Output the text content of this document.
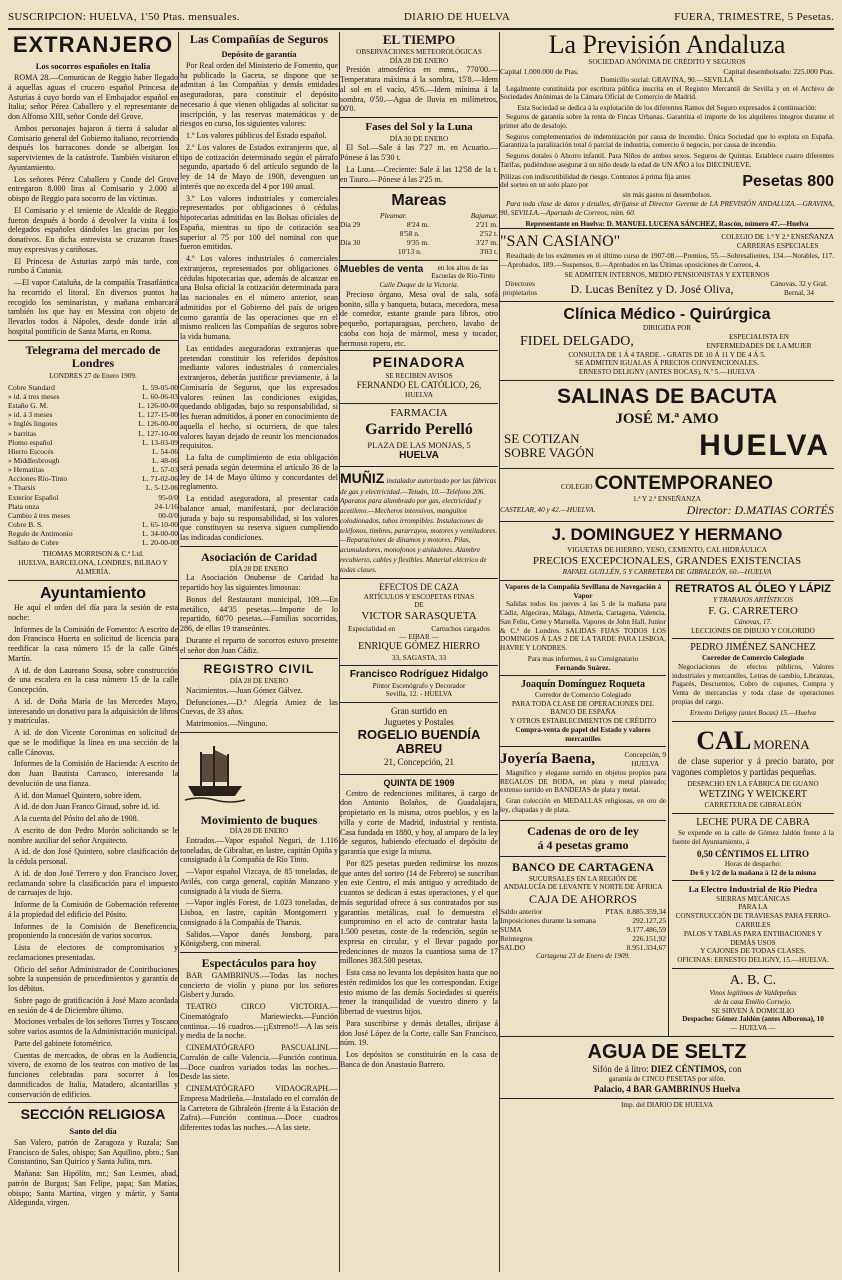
SUSCRIPCION: HUELVA, 1'50 Ptas. mensuales.	DIARIO DE HUELVA	FUERA, TRIMESTRE, 5 Pesetas.
EXTRANJERO
Los socorros españoles en Italia

ROMA 28.—Comunican de Reggio haber llegado á aquellas aguas el crucero español Princesa de Asturias á cuyo bordo van el Embajador español en Italia; señor Pérez Caballero y el representante de don Alfonso XIII, señor Conde del Grove.

Ambos personajes bajaron á tierra á saludar al Comisario general del Gobierno italiano, recorriendo después los barracones donde se albergan los supervivientes de la catástrofe. También visitaron el Ayuntamiento.

Los señores Pérez Caballero y Conde del Grove entregaron 8.000 liras al Comisario y 2.000 al obispo de Reggio para socorro de las víctimas.

El Comisario y el teniente de Alcalde de Reggio fueron después á bordo á devolver la visita á los delegados españoles dándoles las gracias por los donativos. En dicha entrevista se cruzaron frases muy expresivas y cariñosas.

El Princesa de Asturias zarpó más tarde, con rumbo á Catania.

—El vapor Cataluña, de la compañía Trasatlántica ha recorrido el litoral. En diversos puntos ha recogido los seminaristas, y mañana embarcará también los que hay en Messina con objeto de llevarlos todos á Nápoles, desde donde irán al hospital pontificio de Santa Marta, en Roma.

Telegrama del mercado de Londres
LONDRES 27 de Enero 1909.
Cobre Standard	L. 59-05-00
» id. á tres meses	L. 60-06-03
Estaño G. M.	L. 126-00-00
» id. á 3 meses	L. 127-15-00
» Inglés lingotes	L. 126-00-00
» barritas	L. 127-10-00
Plomo español	L. 13-03-09
Hierro Escocés	L. 54-06
» Middlesbrough	L. 48-06
» Hematitas	L. 57-03
Acciones Río-Tinto	L. 71-02-06
» Tharsis	L. 5-12-06
Exterior Español	95-0/0
Plata onza	24-1/16
Cambio á tres meses	00-0/0
Cobre B. S.	L. 65-10-00
Regulo de Antimonio	L. 34-00-00
Sulfato de Cobre	L. 20-00-00
THOMAS MORRISON & C.ª Ltd.
HUELVA, BARCELONA, LONDRES, BILBAO Y ALMERÍA.
Ayuntamiento

He aquí el orden del día para la sesión de esta noche:

Informes de la Comisión de Fomento: A escrito de don Francisco Huerta en solicitud de licencia para reedificar la casa número 15 de la calle Ginés Martín.

A id. de don Laureano Sousa, sobre construcción de una escalera en la casa número 15 de la calle Concepción.

A id. de Doña María de las Mercedes Mayo, interesando un donativo para la adquisición de libros y matrículas.

A id. de don Vicente Coronimas en solicitud de que se le modifique la línea en una sección de la calle Cánovas.

Informes de la Comisión de Hacienda: A escrito de don Juan Bautista Carrasco, interesando la devolución de una fianza.

A id. don Manuel Quintero, sobre idem.

A id. de don Juan Franco Giraud, sobre id. id.

A la cuenta del Pósito del año de 1908.

A escrito de don Pedro Morón solicitando se le nombre auxiliar del señor Arquitecto.

A id. de don José Quintero, sobre clasificación de la cédula personal.

A id. de don José Terrero y don Francisco Jover, reclamando sobre la clasificación para el impuesto de carruajes de lujo.

Informe de la Comisión de Gobernación referente á la propiedad del edificio del Pósito.

Informes de la Comisión de Beneficencia, proponiendo la concesión de varios socorros.

Lista de electores de compromisarios y reclamaciones presentadas.

Oficio del señor Administrador de Contribuciones sobre la suspensión de procedimientos y garantía de los débitos.

Sobre pago de gratificación á José Mazo acordada en sesión de 4 de Diciembre último.

Mociones verbales de los señores Torres y Toscano sobre varios asuntos de la Administración municipal.

Parte del gabinete fotométrico.

Cuentas de mercados, de obras en la Audiencia, vivero, de exorno de los teatros con motivo de las funciones celebradas para socorrer á los damnificados de Italia, Matadero, alcantarillas y conservación de edificios.

SECCIÓN RELIGIOSA
Santo del día

San Valero, patrón de Zaragoza y Ruzala; San Francisco de Sales, obispo; San Aquilino, pbro.; San Constantino, San Quirico y Santa Julita, mrs.

Mañana: San Hipólito, mr.; San Lesmes, abad, patrón de Burgos; San Felipe, papa; San Matías, obispo; Santa Martina, virgen y mártir, y Santa Aldegunda, virgen.

Las Compañías de Seguros
Depósito de garantía

Por Real orden del Ministerio de Fomento, que ha publicado la Gaceta, se dispone que se admitan á las Compañías y demás entidades aseguradoras, para constituir el depósito necesario á que vienen obligadas al solicitar su inscripción, y las reservas matemáticas y de riesgos en curso, los siguientes valores:

1.º Los valores públicos del Estado español.

2.º Los valores de Estados extranjeros que, al tipo de cotización determinado según el párrafo segundo, apartado 6 del artículo segundo de la ley de 14 de Mayo de 1908, devenguen un interés que no exceda del 4 por 100 anual.

3.º Los valores industriales y comerciales representados por obligaciones ó cédulas hipotecarias admitidas en las Bolsas oficiales de España, mientras su tipo de cotización sea superior al 75 por 100 del nominal con que fueron emitidos.

4.º Los valores industriales ó comerciales extranjeros, representados por obligaciones ó cédulas hipotecarias que, además de alcanzar en una Bolsa oficial la cotización determinada para las nacionales en el número anterior, sean admitidos por el Gobierno del país de origen como garantía de las operaciones que en el mismo realicen las Compañías de seguros sobre la vida humana.

Las entidades aseguradoras extranjeras que pretendan constituir los referidos depósitos mediante valores industriales ó comerciales extranjeros, deberán justificar previamente, á la Comisaría de Seguros, que los expresados valores reúnen las condiciones exigidas, quedando obligadas, bajo su responsabilidad, si les fueran admitidos, á poner en conocimiento de aquella el hecho, si ocurriera, de que tales valores hayan dejado de reunir los mencionados requisitos.

La falta de cumplimiento de esta obligación será penada según determina el artículo 36 de la ley de 14 de Mayo último y concordantes del reglamento.

La entidad aseguradora, al presentar cada balance anual, manifestará, por declaración jurada y bajo su responsabilidad, si los valores que constituyen su reserva siguen cumpliendo las indicadas condiciones.

Asociación de Caridad
DÍA 28 DE ENERO

La Asociación Onubense de Caridad ha repartido hoy las siguientes limosnas:

Bonos del Restaurant municipal, 109.—En metálico, 44'35 pesetas.—Importe de lo repartido, 60'70 pesetas.—Familias socorridas, 286, de ellas 19 transeúntes.

Durante el reparto de socorros estuvo presente el señor don Juan Cádiz.

REGISTRO CIVIL
DÍA 28 DE ENERO

Nacimientos.—Juan Gómez Gálvez.

Defunciones.—D.ª Alegría Amiez de las Cuevas, de 33 años.

Matrimonios.—Ninguno.

Movimiento de buques
DÍA 28 DE ENERO

Entrados.—Vapor español Neguri, de 1.116 toneladas, de Gibraltar, en lastre, capitán Opiña y consignado á la Compañía de Río Tinto.

—Vapor español Vizcaya, de 85 toneladas, de Avilés, con carga general, capitán Manzano y consignado á la viuda de Sierra.

—Vapor inglés Forest, de 1.023 toneladas, de Lisboa, en lastre, capitán Montgomerri y consignado á la Compañía de Tharsis.

Salidos.—Vapor danés Jonsborg, para Königsberg, con mineral.

Espectáculos para hoy

BAR GAMBRINUS.—Todas las noches concierto de violín y piano por los señores Gisbert y Jurado.

TEATRO CIRCO VICTORIA.—Cinematógrafo Mariewiecks.—Función continua.—16 cuadros.—¡¡Estreno!!—A las seis y media de la noche.

CINEMATÓGRAFO PASCUALINI.—Corralón de calle Valencia.—Función continua.—Doce cuadros variados todas las noches.—Desde las siete.

CINEMATÓGRAFO VIDAOGRAPH.—Empresa Madrileña.—Instalado en el corralón de la Carretera de Gibraleón (frente á la Estación de Zafra).—Función continua.—Doce cuadros diferentes todas las noches.—A las siete.

EL TIEMPO
OBSERVACIONES METEOROLÓGICAS
DÍA 28 DE ENERO

Presión atmosférica en mms., 770'00.—Temperatura máxima á la sombra, 15'8.—Idem al sol en el vacío, 45'6.—Idem mínima á la sombra, 0'50.—Agua de lluvia en milímetros, 00'0.

Fases del Sol y la Luna
DÍA 30 DE ENERO

El Sol.—Sale á las 7'27 m. en Acuario.—Pónese á las 5'30 t.

La Luna.—Creciente: Sale á las 12'58 de la t. en Tauro.—Pónese á las 2'25 m.

Mareas
Pleamar.	Bajamar.
Día 29	8'24 m.	2'21 m.
8'58 n.	2'52 t.
Día 30	9'35 m.	3'27 m.
10'13 n.	3'03 t.
Muebles de venta	en los altos de las Escuelas de Río-Tinto
Calle Duque de la Victoria.

Precioso órgano, Mesa oval de sala, sofá bonito, silla y banqueta, butaca, mecedora, mesa de comedor, estante grande para libros, otro pequeño, portaparaguas, perchero, lavabo de caoba con hoja de mármol, mesa y tocador, hermoso ropero, etc.

PEINADORA
SE RECIBEN AVISOS
FERNANDO EL CATÓLICO, 26,
HUELVA
FARMACIA
Garrido Perelló
PLAZA DE LAS MONJAS, 5
HUELVA
MUÑIZ instalador autorizado por las fábricas de gas y electricidad.—Tetuán, 10.—Teléfono 206. Aparatos para alumbrado por gas, electricidad y acetileno.—Mecheros intensivos, manguitos colodionados, tubos irrompibles. Instalaciones de teléfonos, timbres, pararrayos, motores y ventiladores.—Reparaciones de dinamos y motores. Pilas, acumuladores, monofonos y aisladores. Alambre recubierto, cables y flexibles. Material eléctrico de todas clases.
EFECTOS DE CAZA
ARTÍCULOS Y ESCOPETAS FINAS
DE
VICTOR SARASQUETA
Especialidad en	Cartuchos cargados
— EIBAR —
ENRIQUE GÓMEZ HIERRO
33, SAGASTA, 33
Francisco Rodríguez Hidalgo
Pintor Escenógrafo y Decorador
Sevilla, 12. - HUELVA
Gran surtido en
Juguetes y Postales
ROGELIO BUENDÍA ABREU
21, Concepción, 21
QUINTA DE 1909

Centro de redenciones militares, á cargo de don Antonio Bolaños, de Guadalajara, propietario en la misma, otros pueblos, y en la villa y corte de Madrid, industrial y rentista. Casa fundada en 1880, y hoy, al amparo de la ley de seguros, habiendo efectuado el depósito de garantía que exige la misma.

Por 825 pesetas pueden redimirse los mozos que antes del sorteo (14 de Febrero) se suscriban en este Centro, el más antiguo y acreditado de cuantos se dedican á estas operaciones, y el que más seguridad ofrece á sus contratados por sus garantías metálicas, cual lo demuestra el compromiso en el acto de contratar hasta la 1.500 pesetas, coste de la redención, según se expresa en circular, y el llevar pagado por redenciones de mozos la cuantiosa suma de 17 millones 383.500 pesetas.

Esta casa no levanta los depósitos hasta que no estén redimidos los que les correspondan. Exige esto mismo de las demás Sociedades si queréis tener la tranquilidad de vuestro dinero y la libertad de vuestros hijos.

Para suscribirse y demás detalles, dirijase á don José López de la Corte, calle San Francisco, núm. 19.

Los depósitos se constituirán en la casa de Banca de don Anastasio Barrero.

La Previsión Andaluza
SOCIEDAD ANÓNIMA DE CRÉDITO Y SEGUROS
Capital 1.000.000 de Ptas.	Capital desembolsado: 225.000 Ptas.
Domicilio social: GRAVINA, 90.—SEVILLA

Legalmente constituida por escritura pública inscrita en el Registro Mercantil de Sevilla y en el Archivo de Sociedades Anónimas de la Cámara Oficial de Comercio de Madrid.

Esta Sociedad se dedica á la explotación de los diferentes Ramos del Seguro expresados á continuación:

Seguros de garantía sobre la renta de Fincas Urbanas. Garantiza el importe de los alquileres íntegros durante el primer año de desalojo.

Seguros complementarios de indemnización por causa de Incendio. Única Sociedad que lo explota en España. Garantiza la paralización total ó parcial de industria, comercio ó negocio, por causa de incendio.

Seguros dotales ó Ahorro infantil. Para Niños de ambos sexos. Seguros de Quintas. Establece cuatro diferentes Tarifas, pudiéndose asegurar á un niño desde la edad de UN AÑO á los DIECINUEVE.

Pólizas con indiscutibilidad de riesgo. Contratos á prima fija antes del sorteo en un solo plazo por	Pesetas 800
sin más gastos ni desembolsos.

Para toda clase de datos y detalles, diríjanse al Director Gerente de LA PREVISIÓN ANDALUZA.—GRAVINA, 90, SEVILLA.—Apartado de Correos, núm. 60.

Representante en Huelva: D. MANUEL LUCENA SÁNCHEZ, Rascón, número 47.—Huelva
"SAN CASIANO"	COLEGIO DE 1.ª Y 2.ª ENSEÑANZA
CARRERAS ESPECIALES

Resultado de los exámenes en el último curso de 1907-08.—Premios, 55.—Sobresalientes, 134.—Notables, 117.—Aprobados, 189.—Suspensos, 0.—Aprobados en las Últimas oposiciones de Correos, 4.

SE ADMITEN INTERNOS, MEDIO PENSIONISTAS Y EXTERNOS
Directores propietarios	D. Lucas Benítez y D. José Oliva,	Cánovas, 32 y Gral. Bernal, 34
Clínica Médico - Quirúrgica
DIRIGIDA POR
FIDEL DELGADO,	ESPECIALISTA EN ENFERMEDADES DE LA MUJER
CONSULTA DE 1 Á 4 TARDE. - GRATIS DE 10 Á 11 Y DE 4 Á 5.
SE ADMITEN IGUALAS Á PRECIOS CONVENCIONALES.
ERNESTO DELIGNY (ANTES BOCAS), N.º 5.—HUELVA
SALINAS DE BACUTA
JOSÉ M.ª AMO
SE COTIZAN
SOBRE VAGÓN	HUELVA
COLEGIO CONTEMPORANEO
1.ª Y 2.ª ENSEÑANZA
CASTELAR, 40 y 42.—HUELVA.	Director: D.MATIAS CORTÉS
J. DOMINGUEZ Y HERMANO
VIGUETAS DE HIERRO, YESO, CEMENTO, CAL HIDRÁULICA
PRECIOS EXCEPCIONALES, GRANDES EXISTENCIAS
RAFAEL GUILLÉN, 5 Y CARRETERA DE GIBRALEÓN, 60.—HUELVA
Vapores de la Compañía Sevillana de Navegación á Vapor

Salidas todos los jueves á las 5 de la mañana para Cádiz, Algeciras, Málaga, Almería, Cartagena, Valencia, San Feliu, Cette y Marsella. Vapores de John Hall, Junior & C.ª de Londres. SALIDAS FIJAS TODOS LOS DOMINGOS Á LAS 2 DE LA TARDE PARA LISBOA, HAVRE Y LONDRES.

Para mas informes, á su Consignatario
Fernando Suárez.
Joaquín Domínguez Roqueta
Corredor de Comercio Colegiado
PARA TODA CLASE DE OPERACIONES DEL BANCO DE ESPAÑA
Y OTROS ESTABLECIMIENTOS DE CRÉDITO
Compra-venta de papel del Estado y valores mercantiles
Joyería Baena,	Concepción, 9
HUELVA

Magnífico y elegante surtido en objetos propios para REGALOS DE BODA, en plata y metal plateado; extenso surtido en BANDEJAS de plata y metal.

Gran colección en MEDALLAS religiosas, en oro de ley, chapadas y de plata.

Cadenas de oro de ley
á 4 pesetas gramo
BANCO DE CARTAGENA
SUCURSALES EN LA REGIÓN DE
ANDALUCÍA DE LEVANTE Y NORTE DE ÁFRICA
CAJA DE AHORROS
Saldo anterior	PTAS. 8.885.359,34
Imposiciones durante la semana	292.127,25
SUMA	9.177.486,59
Reintegros	226.151,92
SALDO	8.951.334,67
Cartagena 23 de Enero de 1909.
RETRATOS AL ÓLEO Y LÁPIZ
Y TRABAJOS ARTÍSTICOS
F. G. CARRETERO
Cánovas, 17.
LECCIONES DE DIBUJO Y COLORIDO
PEDRO JIMÉNEZ SANCHEZ
Corredor de Comercio Colegiado

Negociaciones de efectos públicos, Valores industriales y mercantiles, Letras de cambio, Libranzas, Pagarés, Descuentos, Cobro de cupones, Compra y Venta de mercancías y toda clase de operaciones propias del cargo.

Ernesto Deligny (antes Bocas) 15.—Huelva
CAL MORENA

de clase superior y á precio barato, por vagones completos y partidas pequeñas.

DESPACHO EN LA FÁBRICA DE GUANO
WETZING Y WEICKERT
CARRETERA DE GIBRALEÓN
LECHE PURA DE CABRA

Se expende en la calle de Gómez Jaldón frente á la fuente del Ayuntamiento, á

0,50 CÉNTIMOS EL LITRO
Horas de despacho:
De 6 y 1/2 de la mañana á 12 de la misma
La Electro Industrial de Río Piedra
SIERRAS MECÁNICAS
PARA LA
CONSTRUCCIÓN DE TRAVIESAS PARA FERRO-CARRILES
PALOS Y TABLAS PARA ENTIBACIONES Y DEMÁS USOS
Y CAJONES DE TODAS CLASES.
OFICINAS: ERNESTO DELIGNY, 15.—HUELVA.
A. B. C.
Vinos legítimos de Valdepeñas
de la casa Emilio Cornejo.
SE SIRVEN Á DOMICILIO
Despacho: Gómez Jaldón (antes Alborona), 10
— HUELVA —
AGUA DE SELTZ
Sifón de á litro: DIEZ CÉNTIMOS, con
garantía de CINCO PESETAS por sifón.
Palacio, 4 BAR GAMBRINUS Huelva
Imp. del DIARIO DE HUELVA
